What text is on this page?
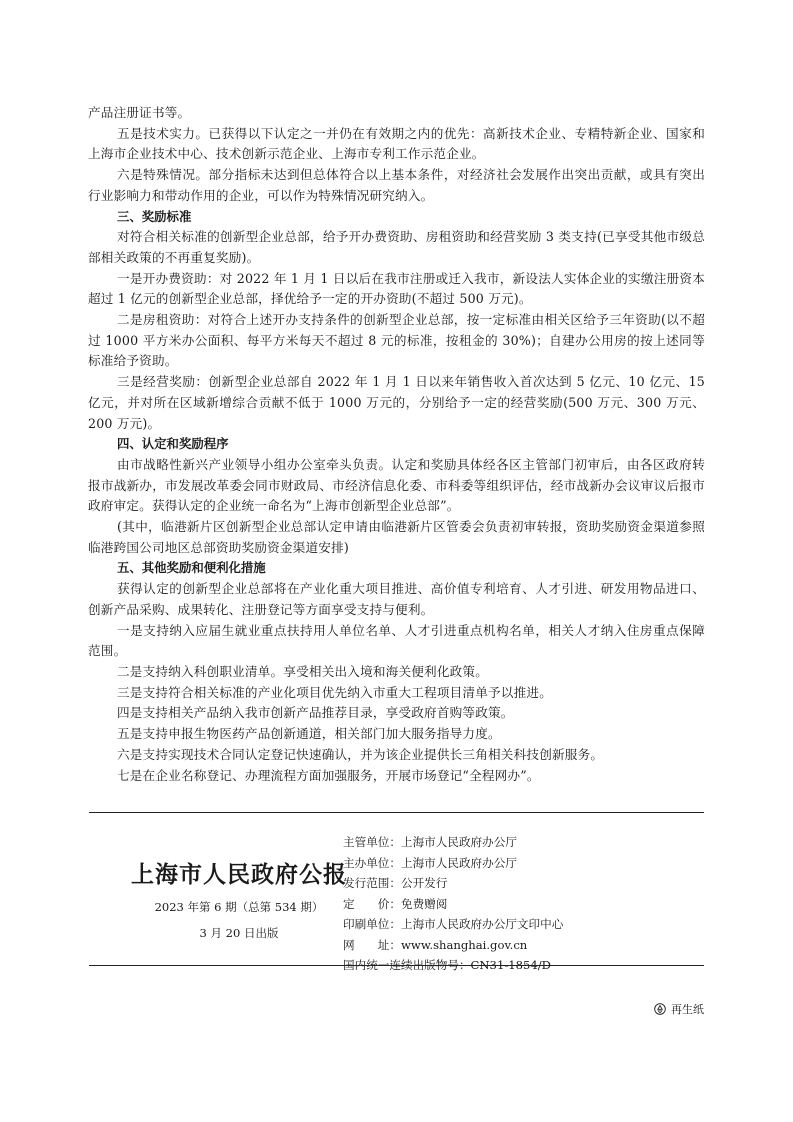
产品注册证书等。

五是技术实力。已获得以下认定之一并仍在有效期之内的优先：高新技术企业、专精特新企业、国家和上海市企业技术中心、技术创新示范企业、上海市专利工作示范企业。

六是特殊情况。部分指标未达到但总体符合以上基本条件，对经济社会发展作出突出贡献，或具有突出行业影响力和带动作用的企业，可以作为特殊情况研究纳入。

三、奖励标准

对符合相关标准的创新型企业总部，给予开办费资助、房租资助和经营奖励 3 类支持(已享受其他市级总部相关政策的不再重复奖励)。

一是开办费资助：对 2022 年 1 月 1 日以后在我市注册或迁入我市，新设法人实体企业的实缴注册资本超过 1 亿元的创新型企业总部，择优给予一定的开办资助(不超过 500 万元)。

二是房租资助：对符合上述开办支持条件的创新型企业总部，按一定标准由相关区给予三年资助(以不超过 1000 平方米办公面积、每平方米每天不超过 8 元的标准，按租金的 30%)；自建办公用房的按上述同等标准给予资助。

三是经营奖励：创新型企业总部自 2022 年 1 月 1 日以来年销售收入首次达到 5 亿元、10 亿元、15 亿元，并对所在区域新增综合贡献不低于 1000 万元的，分别给予一定的经营奖励(500 万元、300 万元、200 万元)。

四、认定和奖励程序

由市战略性新兴产业领导小组办公室牵头负责。认定和奖励具体经各区主管部门初审后，由各区政府转报市战新办，市发展改革委会同市财政局、市经济信息化委、市科委等组织评估，经市战新办会议审议后报市政府审定。获得认定的企业统一命名为“上海市创新型企业总部”。

(其中，临港新片区创新型企业总部认定申请由临港新片区管委会负责初审转报，资助奖励资金渠道参照临港跨国公司地区总部资助奖励资金渠道安排)

五、其他奖励和便利化措施

获得认定的创新型企业总部将在产业化重大项目推进、高价值专利培育、人才引进、研发用物品进口、创新产品采购、成果转化、注册登记等方面享受支持与便利。

一是支持纳入应届生就业重点扶持用人单位名单、人才引进重点机构名单，相关人才纳入住房重点保障范围。

二是支持纳入科创职业清单。享受相关出入境和海关便利化政策。

三是支持符合相关标准的产业化项目优先纳入市重大工程项目清单予以推进。

四是支持相关产品纳入我市创新产品推荐目录，享受政府首购等政策。

五是支持申报生物医药产品创新通道，相关部门加大服务指导力度。

六是支持实现技术合同认定登记快速确认，并为该企业提供长三角相关科技创新服务。

七是在企业名称登记、办理流程方面加强服务，开展市场登记“全程网办”。

上海市人民政府公报
2023 年第 6 期（总第 534 期）
3 月 20 日出版
主管单位：上海市人民政府办公厅
主办单位：上海市人民政府办公厅
发行范围：公开发行
定　　价：免费赠阅
印刷单位：上海市人民政府办公厅文印中心
网　　址：www.shanghai.gov.cn
国内统一连续出版物号：CN31-1854/D
再生纸
